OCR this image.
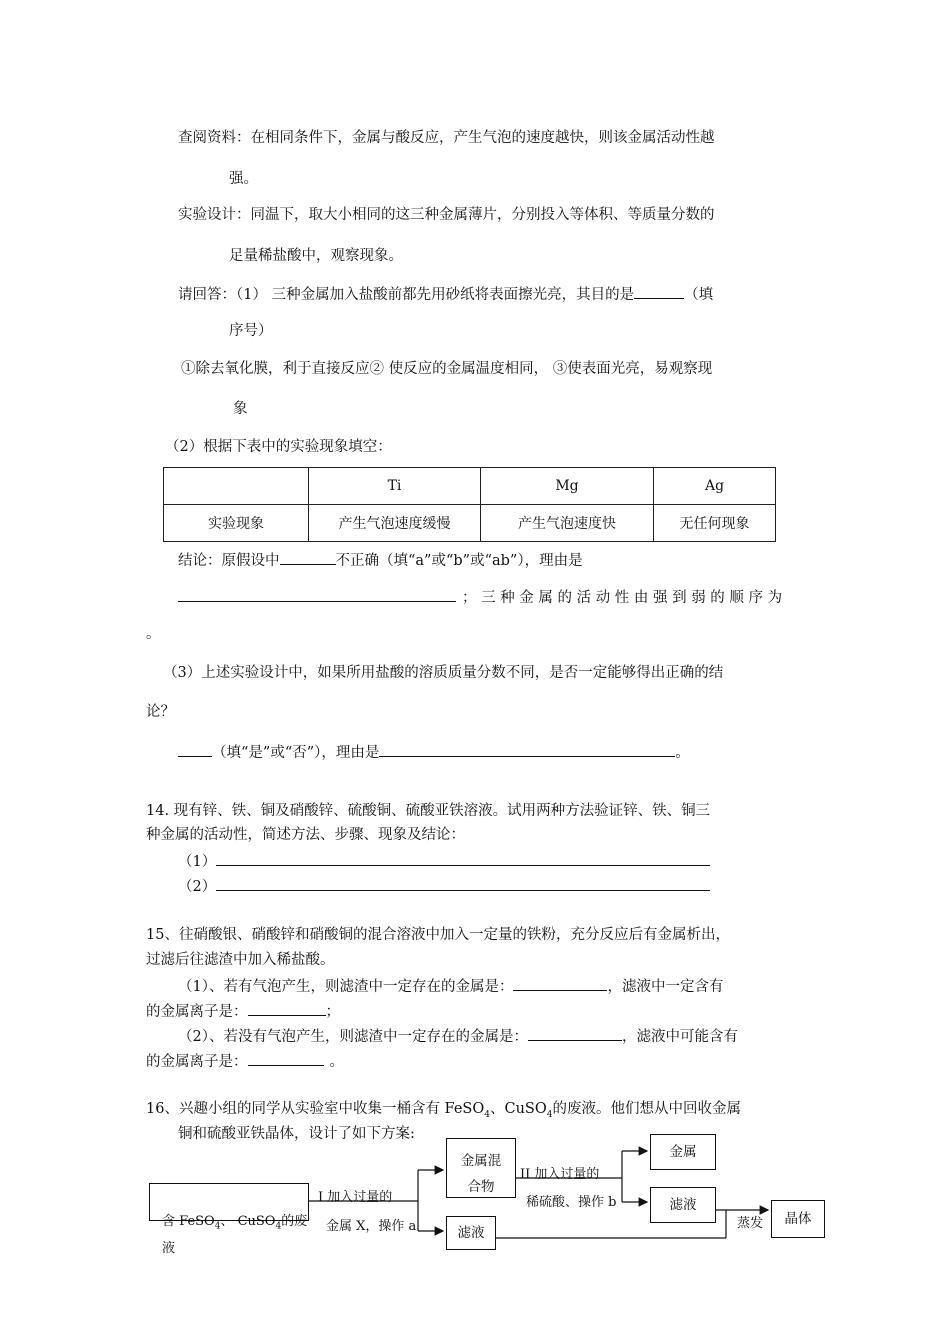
查阅资料：在相同条件下，金属与酸反应，产生气泡的速度越快，则该金属活动性越
强。
实验设计：同温下，取大小相同的这三种金属薄片，分别投入等体积、等质量分数的
足量稀盐酸中，观察现象。
请回答：（1） 三种金属加入盐酸前都先用砂纸将表面擦光亮，其目的是	（填
序号）
①除去氧化膜，利于直接反应② 使反应的金属温度相同， ③使表面光亮，易观察现
象
（2）根据下表中的实验现象填空：
	Ti	Mg	Ag
实验现象	产生气泡速度缓慢	产生气泡速度快	无任何现象
结论：原假设中	不正确（填“a”或“b”或“ab”），理由是
；三种金属的活动性由强到弱的顺序为
。
（3）上述实验设计中，如果所用盐酸的溶质质量分数不同，是否一定能够得出正确的结
论？
（填“是”或“否”），理由是	。
14. 现有锌、铁、铜及硝酸锌、硫酸铜、硫酸亚铁溶液。试用两种方法验证锌、铁、铜三
种金属的活动性，简述方法、步骤、现象及结论：
（1）
（2）
15、往硝酸银、硝酸锌和硝酸铜的混合溶液中加入一定量的铁粉，充分反应后有金属析出，
过滤后往滤渣中加入稀盐酸。
（1）、若有气泡产生，则滤渣中一定存在的金属是：	，滤液中一定含有
的金属离子是：	；
（2）、若没有气泡产生，则滤渣中一定存在的金属是：	，滤液中可能含有
的金属离子是：	。
16、兴趣小组的同学从实验室中收集一桶含有 FeSO$_4$、CuSO$_4$的废液。他们想从中回收金属
铜和硫酸亚铁晶体，设计了如下方案:
含 FeSO$_4$、 CuSO$_4$的废
液
I 加入过量的
金属 X，操作 a
金属混
合物
滤液
II 加入过量的
稀硫酸、操作 b
金属
滤液
蒸发	晶体
